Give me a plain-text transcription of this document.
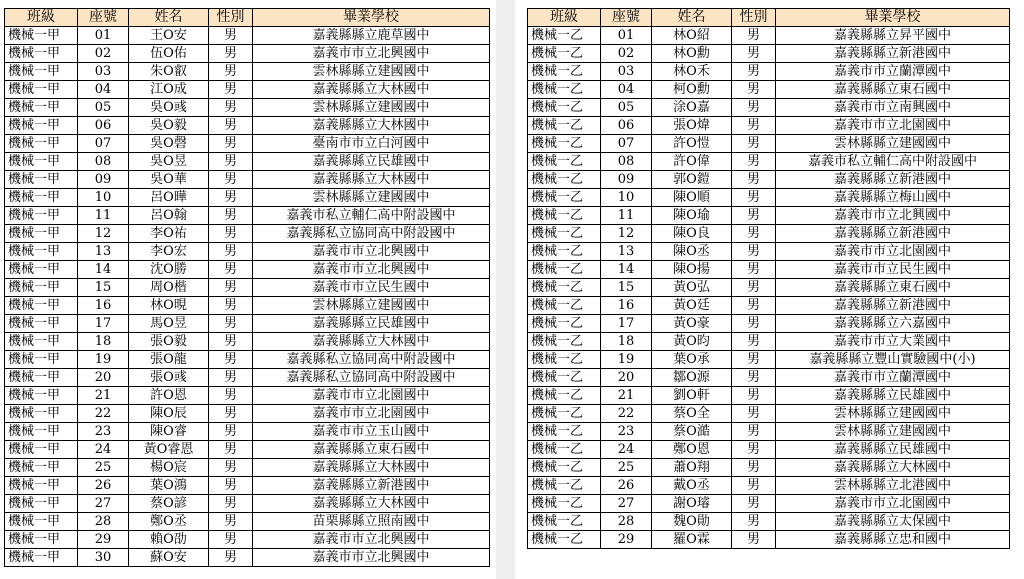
班級	座號	姓名	性別	畢業學校
機械一甲	01	王O安	男	嘉義縣縣立鹿草國中
機械一甲	02	伍O佑	男	嘉義市市立北興國中
機械一甲	03	朱O叡	男	雲林縣縣立建國國中
機械一甲	04	江O成	男	嘉義縣縣立大林國中
機械一甲	05	吳O彧	男	雲林縣縣立建國國中
機械一甲	06	吳O毅	男	嘉義縣縣立大林國中
機械一甲	07	吳O磬	男	臺南市市立白河國中
機械一甲	08	吳O昱	男	嘉義縣縣立民雄國中
機械一甲	09	吳O華	男	嘉義縣縣立大林國中
機械一甲	10	呂O曄	男	雲林縣縣立建國國中
機械一甲	11	呂O翰	男	嘉義市私立輔仁高中附設國中
機械一甲	12	李O祐	男	嘉義縣私立協同高中附設國中
機械一甲	13	李O宏	男	嘉義市市立北興國中
機械一甲	14	沈O勝	男	嘉義市市立北興國中
機械一甲	15	周O楷	男	嘉義市市立民生國中
機械一甲	16	林O晛	男	雲林縣縣立建國國中
機械一甲	17	馬O昱	男	嘉義縣縣立民雄國中
機械一甲	18	張O毅	男	嘉義縣縣立大林國中
機械一甲	19	張O龍	男	嘉義縣私立協同高中附設國中
機械一甲	20	張O彧	男	嘉義縣私立協同高中附設國中
機械一甲	21	許O恩	男	嘉義市市立北園國中
機械一甲	22	陳O辰	男	嘉義市市立北園國中
機械一甲	23	陳O睿	男	嘉義市市立玉山國中
機械一甲	24	黃O睿恩	男	嘉義縣縣立東石國中
機械一甲	25	楊O宸	男	嘉義縣縣立大林國中
機械一甲	26	葉O鴻	男	嘉義縣縣立新港國中
機械一甲	27	蔡O諺	男	嘉義縣縣立大林國中
機械一甲	28	鄭O丞	男	苗栗縣縣立照南國中
機械一甲	29	賴O劭	男	嘉義市市立北興國中
機械一甲	30	蘇O安	男	嘉義市市立北興國中
班級	座號	姓名	性別	畢業學校
機械一乙	01	林O紹	男	嘉義縣縣立昇平國中
機械一乙	02	林O勳	男	嘉義縣縣立新港國中
機械一乙	03	林O禾	男	嘉義市市立蘭潭國中
機械一乙	04	柯O勳	男	嘉義縣縣立東石國中
機械一乙	05	涂O嘉	男	嘉義市市立南興國中
機械一乙	06	張O煒	男	嘉義市市立北園國中
機械一乙	07	許O愷	男	雲林縣縣立建國國中
機械一乙	08	許O偉	男	嘉義市私立輔仁高中附設國中
機械一乙	09	郭O鎧	男	嘉義縣縣立新港國中
機械一乙	10	陳O順	男	嘉義縣縣立梅山國中
機械一乙	11	陳O瑜	男	嘉義市市立北興國中
機械一乙	12	陳O良	男	嘉義縣縣立新港國中
機械一乙	13	陳O丞	男	嘉義市市立北園國中
機械一乙	14	陳O揚	男	嘉義市市立民生國中
機械一乙	15	黃O弘	男	嘉義縣縣立東石國中
機械一乙	16	黃O廷	男	嘉義縣縣立新港國中
機械一乙	17	黃O豪	男	嘉義縣縣立六嘉國中
機械一乙	18	黃O昀	男	嘉義市市立大業國中
機械一乙	19	葉O承	男	嘉義縣縣立豐山實驗國中(小)
機械一乙	20	鄒O源	男	嘉義市市立蘭潭國中
機械一乙	21	劉O軒	男	嘉義縣縣立民雄國中
機械一乙	22	蔡O全	男	雲林縣縣立建國國中
機械一乙	23	蔡O澔	男	雲林縣縣立建國國中
機械一乙	24	鄭O恩	男	嘉義縣縣立民雄國中
機械一乙	25	蕭O翔	男	嘉義縣縣立大林國中
機械一乙	26	戴O丞	男	雲林縣縣立北港國中
機械一乙	27	謝O璿	男	嘉義市市立北園國中
機械一乙	28	魏O勛	男	嘉義縣縣立太保國中
機械一乙	29	羅O霖	男	嘉義縣縣立忠和國中
